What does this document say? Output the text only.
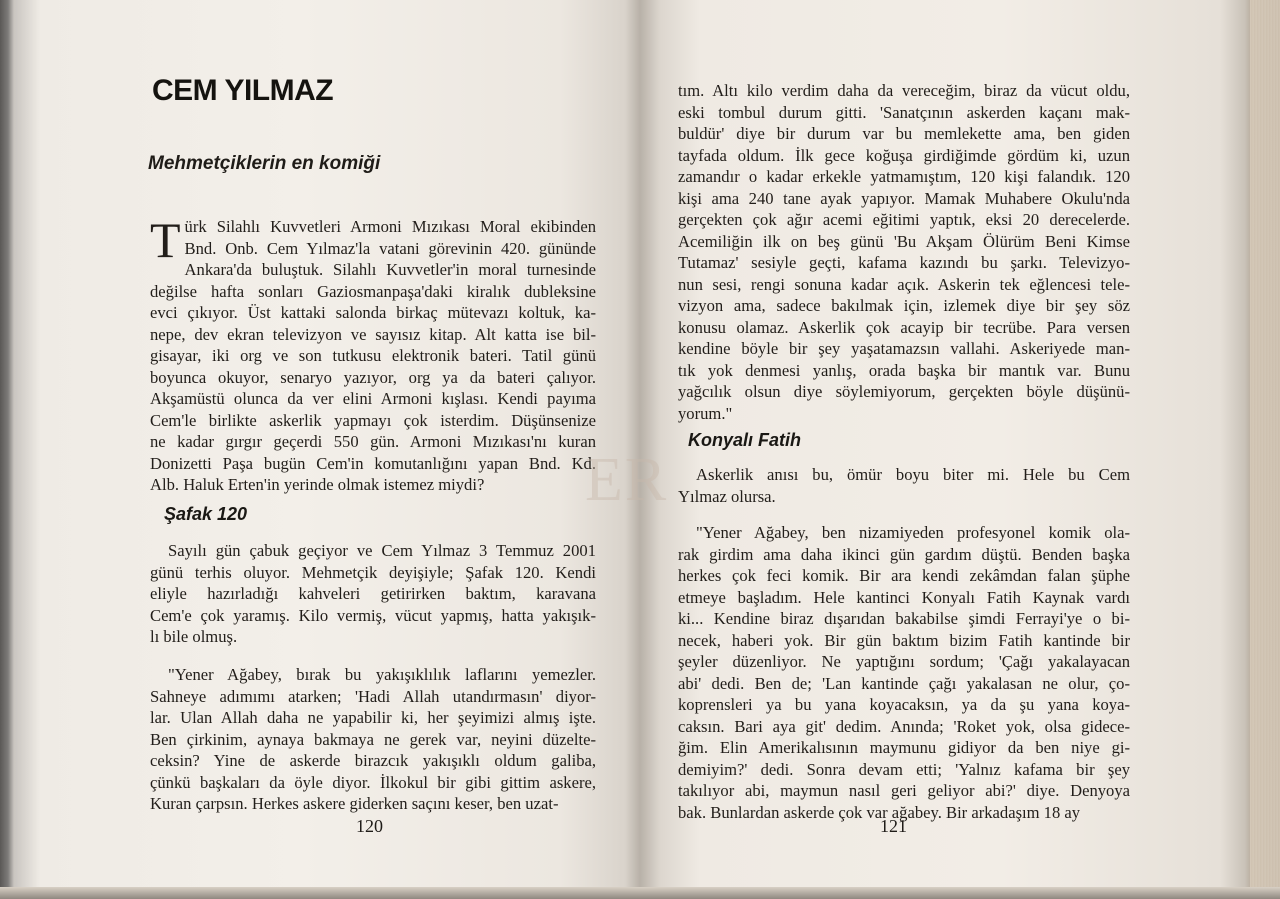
CEM YILMAZ
Mehmetçiklerin en komiği
T ürk Silahlı Kuvvetleri Armoni Mızıkası Moral ekibinden
Bnd. Onb. Cem Yılmaz'la vatani görevinin 420. gününde
Ankara'da buluştuk. Silahlı Kuvvetler'in moral turnesinde
değilse hafta sonları Gaziosmanpaşa'daki kiralık dubleksine
evci çıkıyor. Üst kattaki salonda birkaç mütevazı koltuk, ka-
nepe, dev ekran televizyon ve sayısız kitap. Alt katta ise bil-
gisayar, iki org ve son tutkusu elektronik bateri. Tatil günü
boyunca okuyor, senaryo yazıyor, org ya da bateri çalıyor.
Akşamüstü olunca da ver elini Armoni kışlası. Kendi payıma
Cem'le birlikte askerlik yapmayı çok isterdim. Düşünsenize
ne kadar gırgır geçerdi 550 gün. Armoni Mızıkası'nı kuran
Donizetti Paşa bugün Cem'in komutanlığını yapan Bnd. Kd.
Alb. Haluk Erten'in yerinde olmak istemez miydi?
Şafak 120
Sayılı gün çabuk geçiyor ve Cem Yılmaz 3 Temmuz 2001
günü terhis oluyor. Mehmetçik deyişiyle; Şafak 120. Kendi
eliyle hazırladığı kahveleri getirirken baktım, karavana
Cem'e çok yaramış. Kilo vermiş, vücut yapmış, hatta yakışık-
lı bile olmuş.
"Yener Ağabey, bırak bu yakışıklılık laflarını yemezler.
Sahneye adımımı atarken; 'Hadi Allah utandırmasın' diyor-
lar. Ulan Allah daha ne yapabilir ki, her şeyimizi almış işte.
Ben çirkinim, aynaya bakmaya ne gerek var, neyini düzelte-
ceksin? Yine de askerde birazcık yakışıklı oldum galiba,
çünkü başkaları da öyle diyor. İlkokul bir gibi gittim askere,
Kuran çarpsın. Herkes askere giderken saçını keser, ben uzat-

120

tım. Altı kilo verdim daha da vereceğim, biraz da vücut oldu,
eski tombul durum gitti. 'Sanatçının askerden kaçanı mak-
buldür' diye bir durum var bu memlekette ama, ben giden
tayfada oldum. İlk gece koğuşa girdiğimde gördüm ki, uzun
zamandır o kadar erkekle yatmamıştım, 120 kişi falandık. 120
kişi ama 240 tane ayak yapıyor. Mamak Muhabere Okulu'nda
gerçekten çok ağır acemi eğitimi yaptık, eksi 20 derecelerde.
Acemiliğin ilk on beş günü 'Bu Akşam Ölürüm Beni Kimse
Tutamaz' sesiyle geçti, kafama kazındı bu şarkı. Televizyo-
nun sesi, rengi sonuna kadar açık. Askerin tek eğlencesi tele-
vizyon ama, sadece bakılmak için, izlemek diye bir şey söz
konusu olamaz. Askerlik çok acayip bir tecrübe. Para versen
kendine böyle bir şey yaşatamazsın vallahi. Askeriyede man-
tık yok denmesi yanlış, orada başka bir mantık var. Bunu
yağcılık olsun diye söylemiyorum, gerçekten böyle düşünü-
yorum."
Konyalı Fatih
Askerlik anısı bu, ömür boyu biter mi. Hele bu Cem
Yılmaz olursa.
"Yener Ağabey, ben nizamiyeden profesyonel komik ola-
rak girdim ama daha ikinci gün gardım düştü. Benden başka
herkes çok feci komik. Bir ara kendi zekâmdan falan şüphe
etmeye başladım. Hele kantinci Konyalı Fatih Kaynak vardı
ki... Kendine biraz dışarıdan bakabilse şimdi Ferrayi'ye o bi-
necek, haberi yok. Bir gün baktım bizim Fatih kantinde bir
şeyler düzenliyor. Ne yaptığını sordum; 'Çağı yakalayacan
abi' dedi. Ben de; 'Lan kantinde çağı yakalasan ne olur, ço-
koprensleri ya bu yana koyacaksın, ya da şu yana koya-
caksın. Bari aya git' dedim. Anında; 'Roket yok, olsa gidece-
ğim. Elin Amerikalısının maymunu gidiyor da ben niye gi-
demiyim?' dedi. Sonra devam etti; 'Yalnız kafama bir şey
takılıyor abi, maymun nasıl geri geliyor abi?' diye. Denyoya
bak. Bunlardan askerde çok var ağabey. Bir arkadaşım 18 ay

121

ER
